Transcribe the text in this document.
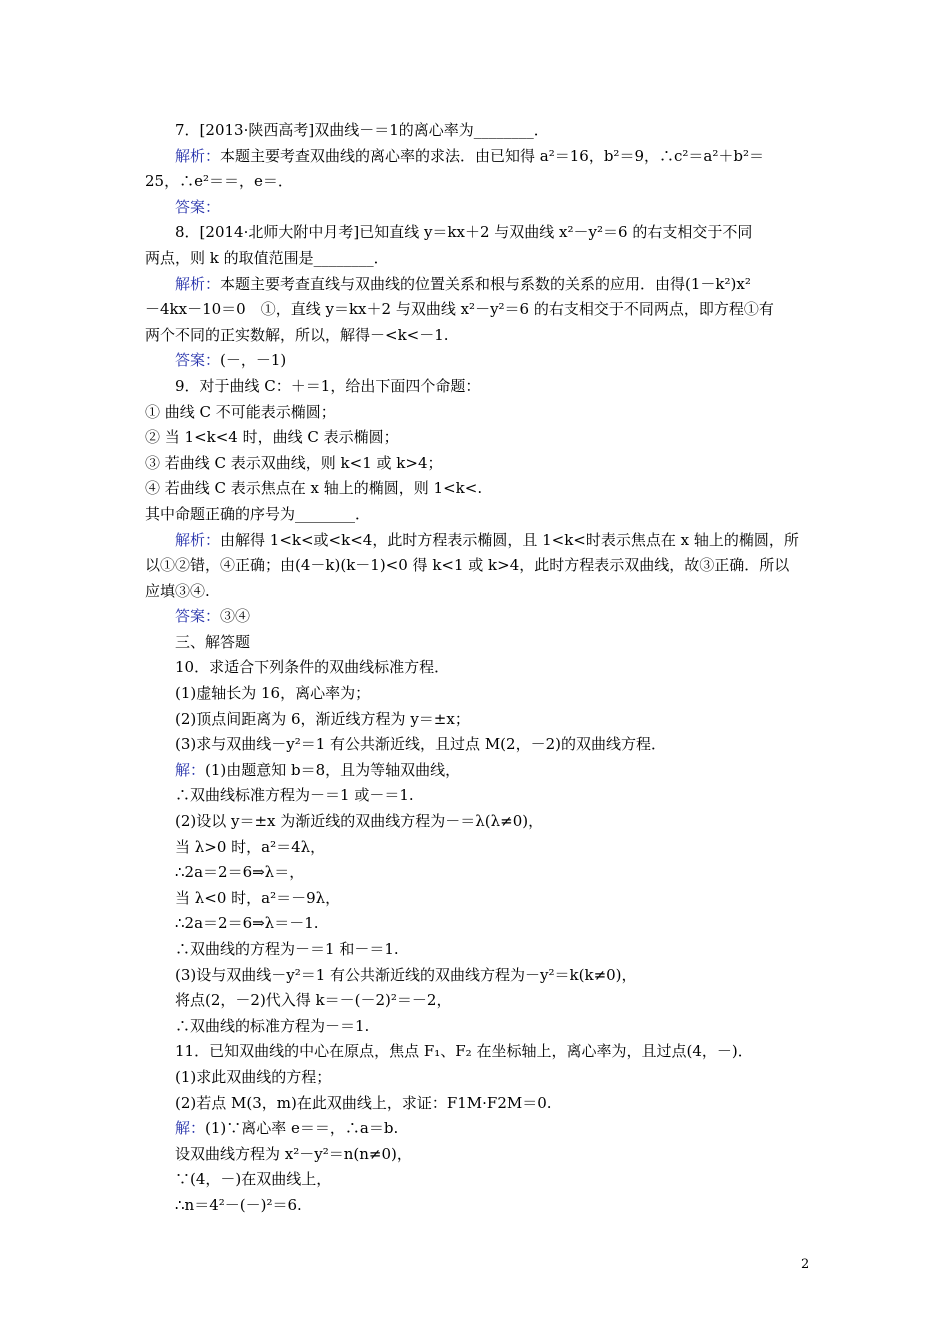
7．[2013·陕西高考]双曲线－＝1的离心率为________．
解析：本题主要考查双曲线的离心率的求法．由已知得 a²＝16，b²＝9，∴c²＝a²＋b²＝
25，∴e²＝＝，e＝．
答案：
8．[2014·北师大附中月考]已知直线 y＝kx＋2 与双曲线 x²－y²＝6 的右支相交于不同
两点，则 k 的取值范围是________．
解析：本题主要考查直线与双曲线的位置关系和根与系数的关系的应用．由得(1－k²)x²
－4kx－10＝0　①，直线 y＝kx＋2 与双曲线 x²－y²＝6 的右支相交于不同两点，即方程①有
两个不同的正实数解，所以，解得－<k<－1.
答案：(－，－1)
9．对于曲线 C：＋＝1，给出下面四个命题：
① 曲线 C 不可能表示椭圆；
② 当 1<k<4 时，曲线 C 表示椭圆；
③ 若曲线 C 表示双曲线，则 k<1 或 k>4；
④ 若曲线 C 表示焦点在 x 轴上的椭圆，则 1<k<.
其中命题正确的序号为________．
解析：由解得 1<k<或<k<4，此时方程表示椭圆，且 1<k<时表示焦点在 x 轴上的椭圆，所
以①②错，④正确；由(4－k)(k－1)<0 得 k<1 或 k>4，此时方程表示双曲线，故③正确．所以
应填③④.
答案：③④
三、解答题
10．求适合下列条件的双曲线标准方程．
(1)虚轴长为 16，离心率为；
(2)顶点间距离为 6，渐近线方程为 y＝±x；
(3)求与双曲线－y²＝1 有公共渐近线，且过点 M(2，－2)的双曲线方程．
解：(1)由题意知 b＝8，且为等轴双曲线，
∴双曲线标准方程为－＝1 或－＝1.
(2)设以 y＝±x 为渐近线的双曲线方程为－＝λ(λ≠0)，
当 λ>0 时，a²＝4λ，
∴2a＝2＝6⇒λ＝，
当 λ<0 时，a²＝－9λ，
∴2a＝2＝6⇒λ＝－1.
∴双曲线的方程为－＝1 和－＝1.
(3)设与双曲线－y²＝1 有公共渐近线的双曲线方程为－y²＝k(k≠0)，
将点(2，－2)代入得 k＝－(－2)²＝－2，
∴双曲线的标准方程为－＝1.
11．已知双曲线的中心在原点，焦点 F₁、F₂ 在坐标轴上，离心率为，且过点(4，－)．
(1)求此双曲线的方程；
(2)若点 M(3，m)在此双曲线上，求证：F1M·F2M＝0.
解：(1)∵离心率 e＝＝，∴a＝b.
设双曲线方程为 x²－y²＝n(n≠0)，
∵(4，－)在双曲线上，
∴n＝4²－(－)²＝6.
2
